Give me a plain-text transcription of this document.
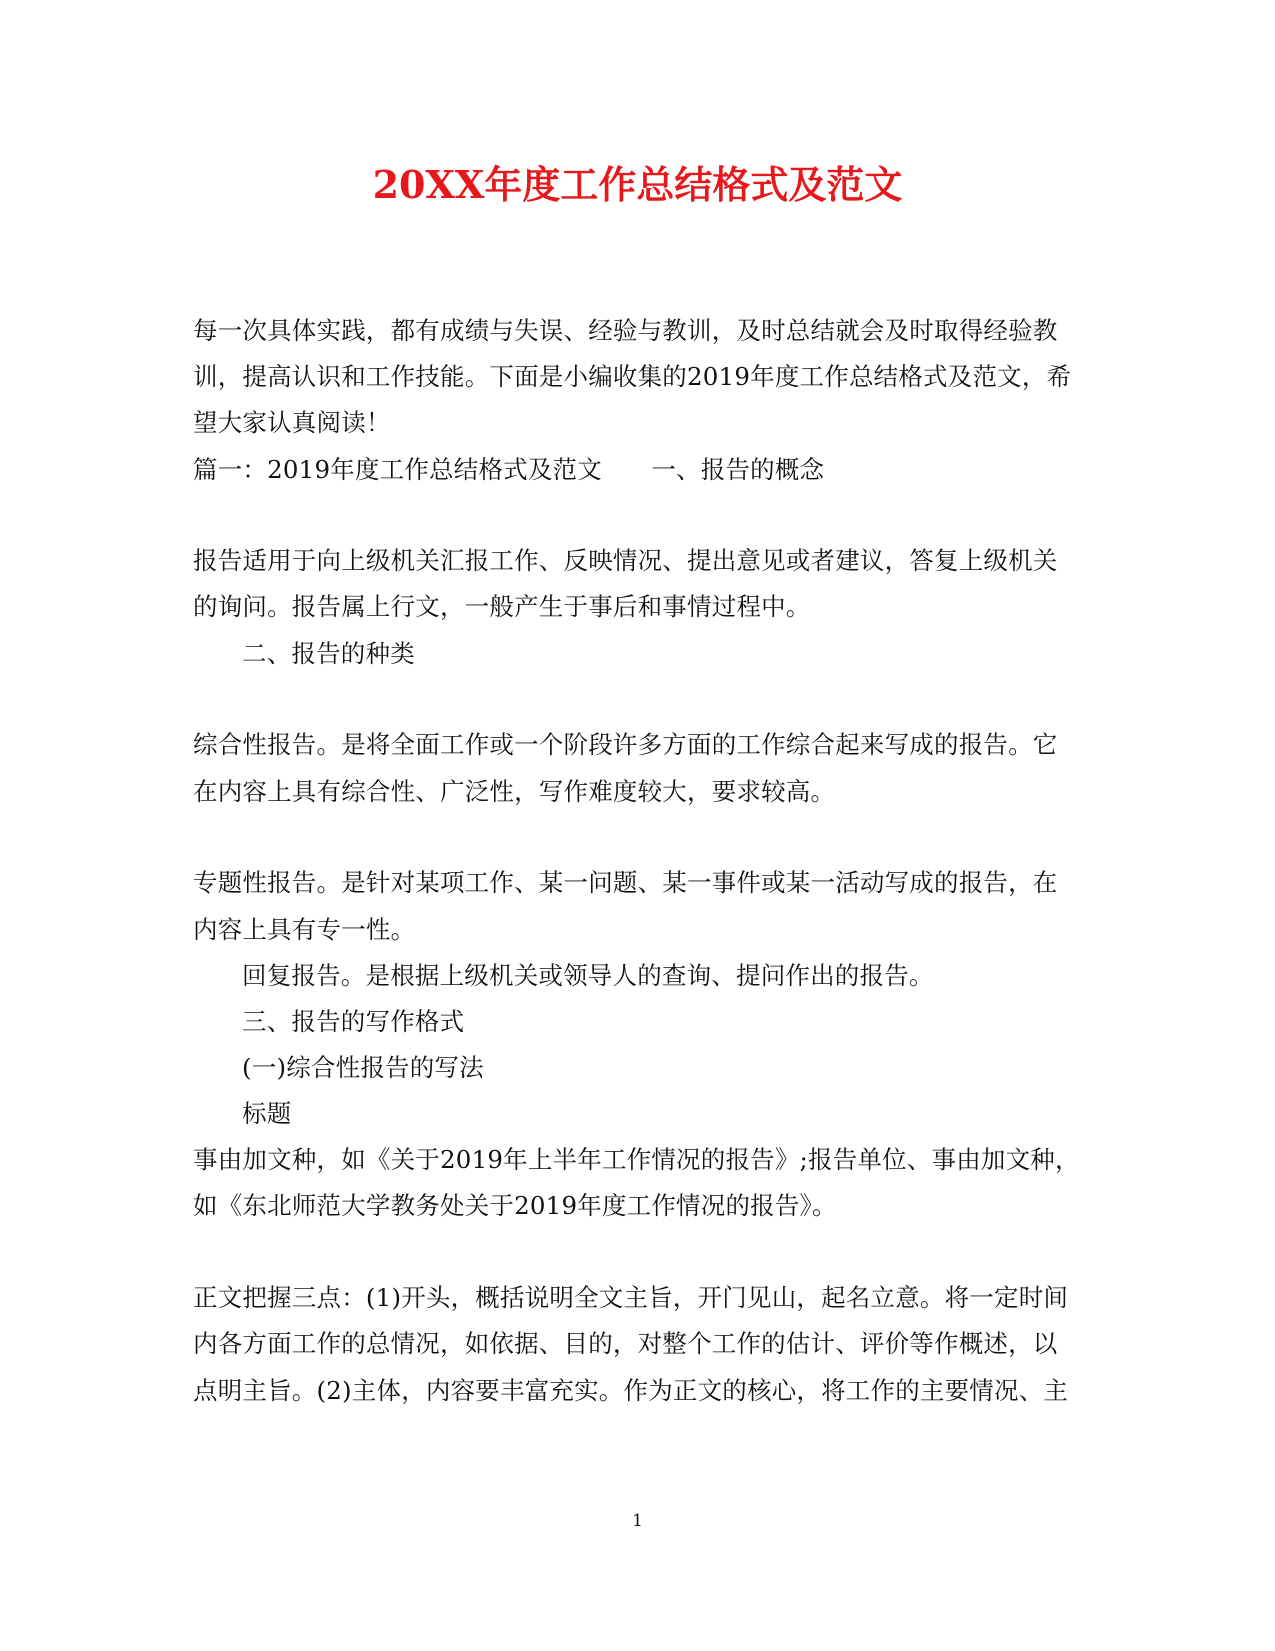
20XX年度工作总结格式及范文
每一次具体实践，都有成绩与失误、经验与教训，及时总结就会及时取得经验教
训，提高认识和工作技能。下面是小编收集的2019年度工作总结格式及范文，希
望大家认真阅读！
篇一：2019年度工作总结格式及范文　　一、报告的概念
报告适用于向上级机关汇报工作、反映情况、提出意见或者建议，答复上级机关
的询问。报告属上行文，一般产生于事后和事情过程中。
二、报告的种类
综合性报告。是将全面工作或一个阶段许多方面的工作综合起来写成的报告。它
在内容上具有综合性、广泛性，写作难度较大，要求较高。
专题性报告。是针对某项工作、某一问题、某一事件或某一活动写成的报告，在
内容上具有专一性。
回复报告。是根据上级机关或领导人的查询、提问作出的报告。
三、报告的写作格式
(一)综合性报告的写法
标题
事由加文种，如《关于2019年上半年工作情况的报告》;报告单位、事由加文种，
如《东北师范大学教务处关于2019年度工作情况的报告》。
正文把握三点：(1)开头，概括说明全文主旨，开门见山，起名立意。将一定时间
内各方面工作的总情况，如依据、目的，对整个工作的估计、评价等作概述，以
点明主旨。(2)主体，内容要丰富充实。作为正文的核心，将工作的主要情况、主
1
